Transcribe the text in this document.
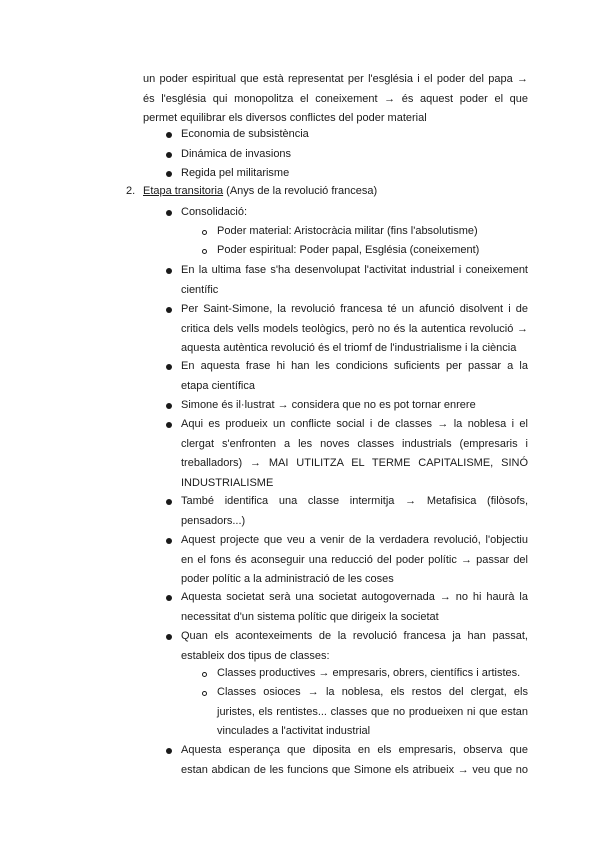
un poder espiritual que està representat per l'església i el poder del papa →
és l'església qui monopolitza el coneixement → és aquest poder el que
permet equilibrar els diversos conflictes del poder material
Economia de subsistència
Dinámica de invasions
Regida pel militarisme
2. Etapa transitoria (Anys de la revolució francesa)
Consolidació:
Poder material: Aristocràcia militar (fins l'absolutisme)
Poder espiritual: Poder papal, Església (coneixement)
En la ultima fase s'ha desenvolupat l'activitat industrial i coneixement
científic
Per Saint-Simone, la revolució francesa té un afunció disolvent i de
critica dels vells models teològics, però no és la autentica revolució →
aquesta autèntica revolució és el triomf de l'industrialisme i la ciència
En aquesta frase hi han les condicions suficients per passar a la
etapa científica
Simone és il·lustrat → considera que no es pot tornar enrere
Aqui es produeix un conflicte social i de classes → la noblesa i el
clergat s'enfronten a les noves classes industrials (empresaris i
treballadors) → MAI UTILITZA EL TERME CAPITALISME, SINÓ
INDUSTRIALISME
També identifica una classe intermitja → Metafisica (filòsofs,
pensadors...)
Aquest projecte que veu a venir de la verdadera revolució, l'objectiu
en el fons és aconseguir una reducció del poder polític → passar del
poder polític a la administració de les coses
Aquesta societat serà una societat autogovernada → no hi haurà la
necessitat d'un sistema polític que dirigeix la societat
Quan els acontexeiments de la revolució francesa ja han passat,
estableix dos tipus de classes:
Classes productives → empresaris, obrers, científics i artistes.
Classes osioces → la noblesa, els restos del clergat, els
juristes, els rentistes... classes que no produeixen ni que estan
vinculades a l'activitat industrial
Aquesta esperança que diposita en els empresaris, observa que
estan abdican de les funcions que Simone els atribueix → veu que no
